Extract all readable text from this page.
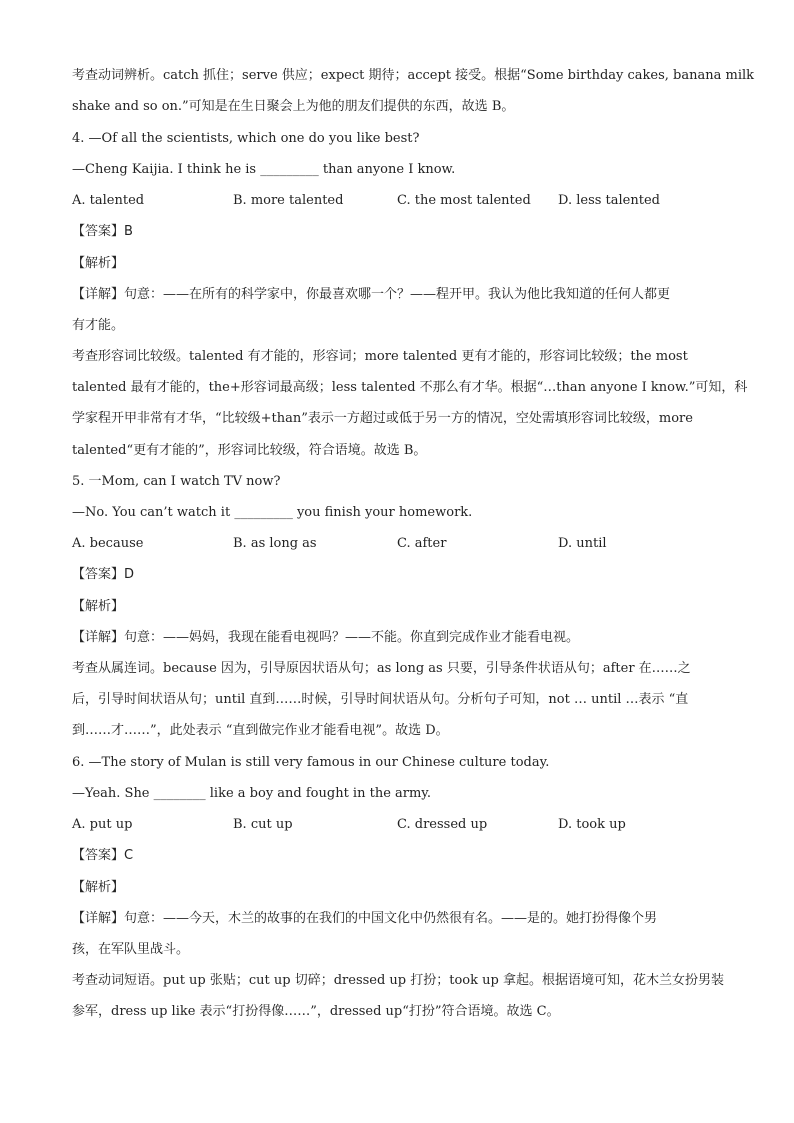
考查动词辨析。catch 抓住；serve 供应；expect 期待；accept 接受。根据“Some birthday cakes, banana milk
shake and so on.”可知是在生日聚会上为他的朋友们提供的东西，故选 B。
4. —Of all the scientists, which one do you like best?
—Cheng Kaijia. I think he is _________ than anyone I know.
A. talented	B. more talented	C. the most talented D. less talented
【答案】B
【解析】
【详解】句意：——在所有的科学家中，你最喜欢哪一个？——程开甲。我认为他比我知道的任何人都更
有才能。
考查形容词比较级。talented 有才能的，形容词；more talented 更有才能的，形容词比较级；the most
talented 最有才能的，the+形容词最高级；less talented 不那么有才华。根据“…than anyone I know.”可知，科
学家程开甲非常有才华，“比较级+than”表示一方超过或低于另一方的情况，空处需填形容词比较级，more
talented“更有才能的”，形容词比较级，符合语境。故选 B。
5. 一Mom, can I watch TV now?
—No. You can’t watch it _________ you finish your homework.
A. because	B. as long as	C. after	D. until
【答案】D
【解析】
【详解】句意：——妈妈，我现在能看电视吗？——不能。你直到完成作业才能看电视。
考查从属连词。because 因为，引导原因状语从句；as long as 只要，引导条件状语从句；after 在……之
后，引导时间状语从句；until 直到……时候，引导时间状语从句。分析句子可知，not … until …表示 “直
到……才……”，此处表示 “直到做完作业才能看电视”。故选 D。
6. —The story of Mulan is still very famous in our Chinese culture today.
—Yeah. She ________ like a boy and fought in the army.
A. put up	B. cut up	C. dressed up	D. took up
【答案】C
【解析】
【详解】句意：——今天，木兰的故事的在我们的中国文化中仍然很有名。——是的。她打扮得像个男
孩，在军队里战斗。
考查动词短语。put up 张贴；cut up 切碎；dressed up 打扮；took up 拿起。根据语境可知，花木兰女扮男装
参军，dress up like 表示“打扮得像……”，dressed up“打扮”符合语境。故选 C。
